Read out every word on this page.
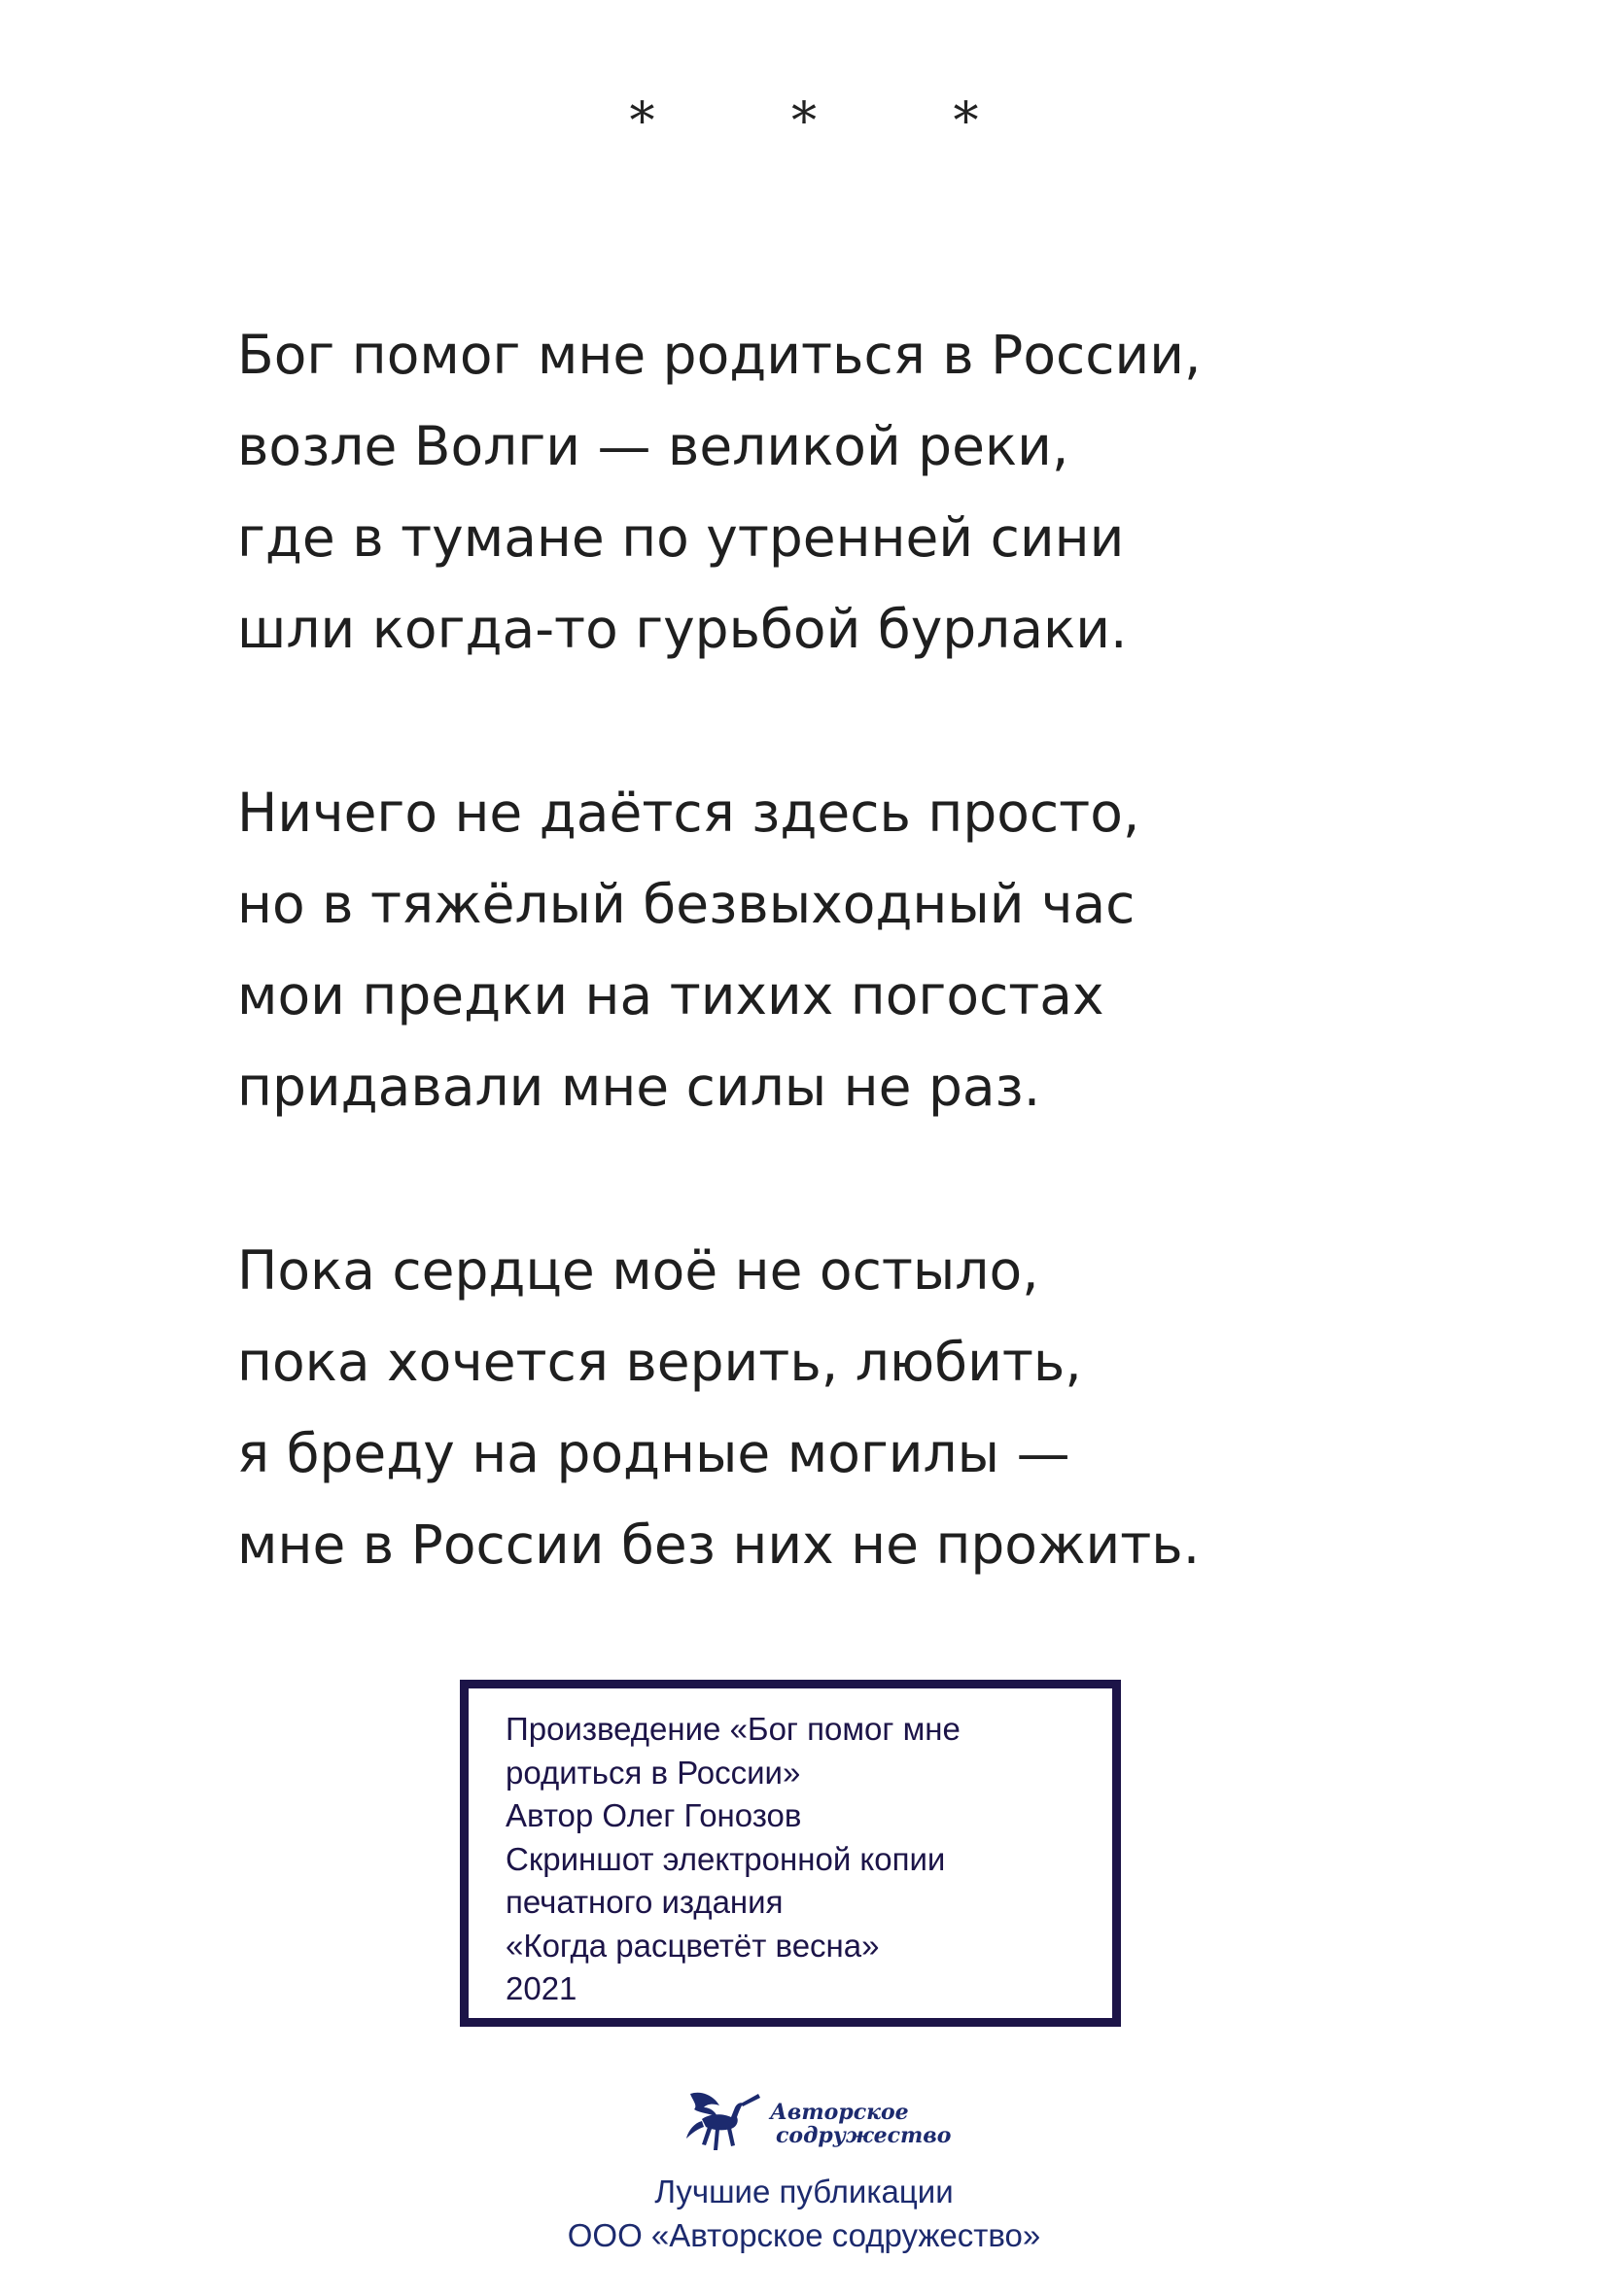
* * *
Бог помог мне родиться в России,
возле Волги — великой реки,
где в тумане по утренней сини
шли когда-то гурьбой бурлаки.
Ничего не даётся здесь просто,
но в тяжёлый безвыходный час
мои предки на тихих погостах
придавали мне силы не раз.
Пока сердце моё не остыло,
пока хочется верить, любить,
я бреду на родные могилы —
мне в России без них не прожить.
Произведение «Бог помог мне
родиться в России»
Автор Олег Гонозов
Скриншот электронной копии
печатного издания
«Когда расцветёт весна»
2021
Авторское
содружество
Лучшие публикации
ООО «Авторское содружество»
